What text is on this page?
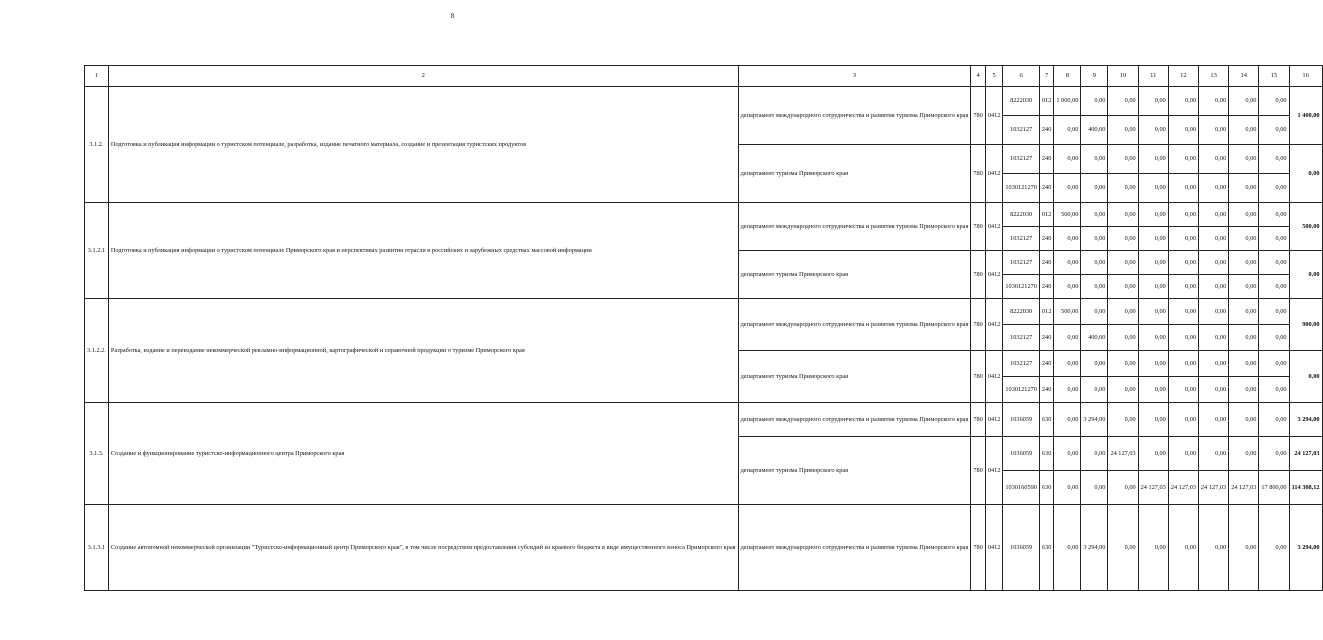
8
1	2	3	4	5	6	7	8	9	10	11	12	13	14	15	16
3.1.2.	Подготовка и публикация информации о туристском потенциале, разработка, издание печатного материала, создание и презентация туристских продуктов	департамент международного сотрудничества и развития туризма Приморского края	780	0412	8222030	012	1 000,00	0,00	0,00	0,00	0,00	0,00	0,00	0,00	1 400,00
					1032127	240	0,00	400,00	0,00	0,00	0,00	0,00	0,00	0,00	
		департамент туризма Приморского края	780	0412	1032127	240	0,00	0,00	0,00	0,00	0,00	0,00	0,00	0,00	0,00
					1030121270	240	0,00	0,00	0,00	0,00	0,00	0,00	0,00	0,00	
3.1.2.1	Подготовка и публикация информации о туристском потенциале Приморского края и перспективах развития отрасли в российских и зарубежных средствах массовой информации	департамент международного сотрудничества и развития туризма Приморского края	780	0412	8222030	012	500,00	0,00	0,00	0,00	0,00	0,00	0,00	0,00	500,00
					1032127	240	0,00	0,00	0,00	0,00	0,00	0,00	0,00	0,00	
		департамент туризма Приморского края	780	0412	1032127	240	0,00	0,00	0,00	0,00	0,00	0,00	0,00	0,00	0,00
					1030121270	240	0,00	0,00	0,00	0,00	0,00	0,00	0,00	0,00	
3.1.2.2.	Разработка, издание и переиздание некоммерческой рекламно-информационной, картографической и справочной продукции о туризме Приморского края	департамент международного сотрудничества и развития туризма Приморского края	780	0412	8222030	012	500,00	0,00	0,00	0,00	0,00	0,00	0,00	0,00	900,00
					1032127	240	0,00	400,00	0,00	0,00	0,00	0,00	0,00	0,00	
		департамент туризма Приморского края	780	0412	1032127	240	0,00	0,00	0,00	0,00	0,00	0,00	0,00	0,00	0,00
					1030121270	240	0,00	0,00	0,00	0,00	0,00	0,00	0,00	0,00	
3.1.3.	Создание и функционирование туристско-информационного центра Приморского края	департамент международного сотрудничества и развития туризма Приморского края	780	0412	1036059	630	0,00	3 294,00	0,00	0,00	0,00	0,00	0,00	0,00	3 294,00
		департамент туризма Приморского края	780	0412	1036059	630	0,00	0,00	24 127,03	0,00	0,00	0,00	0,00	0,00	24 127,03
					1030160590	630	0,00	0,00	0,00	24 127,03	24 127,03	24 127,03	24 127,03	17 800,00	114 308,12
3.1.3.1	Создание автономной некоммерческой организации "Туристско-информационный центр Приморского края", в том числе посредством предоставления субсидий из краевого бюджета в виде имущественного взноса Приморского края	департамент международного сотрудничества и развития туризма Приморского края	780	0412	1036059	630	0,00	3 294,00	0,00	0,00	0,00	0,00	0,00	0,00	3 294,00
